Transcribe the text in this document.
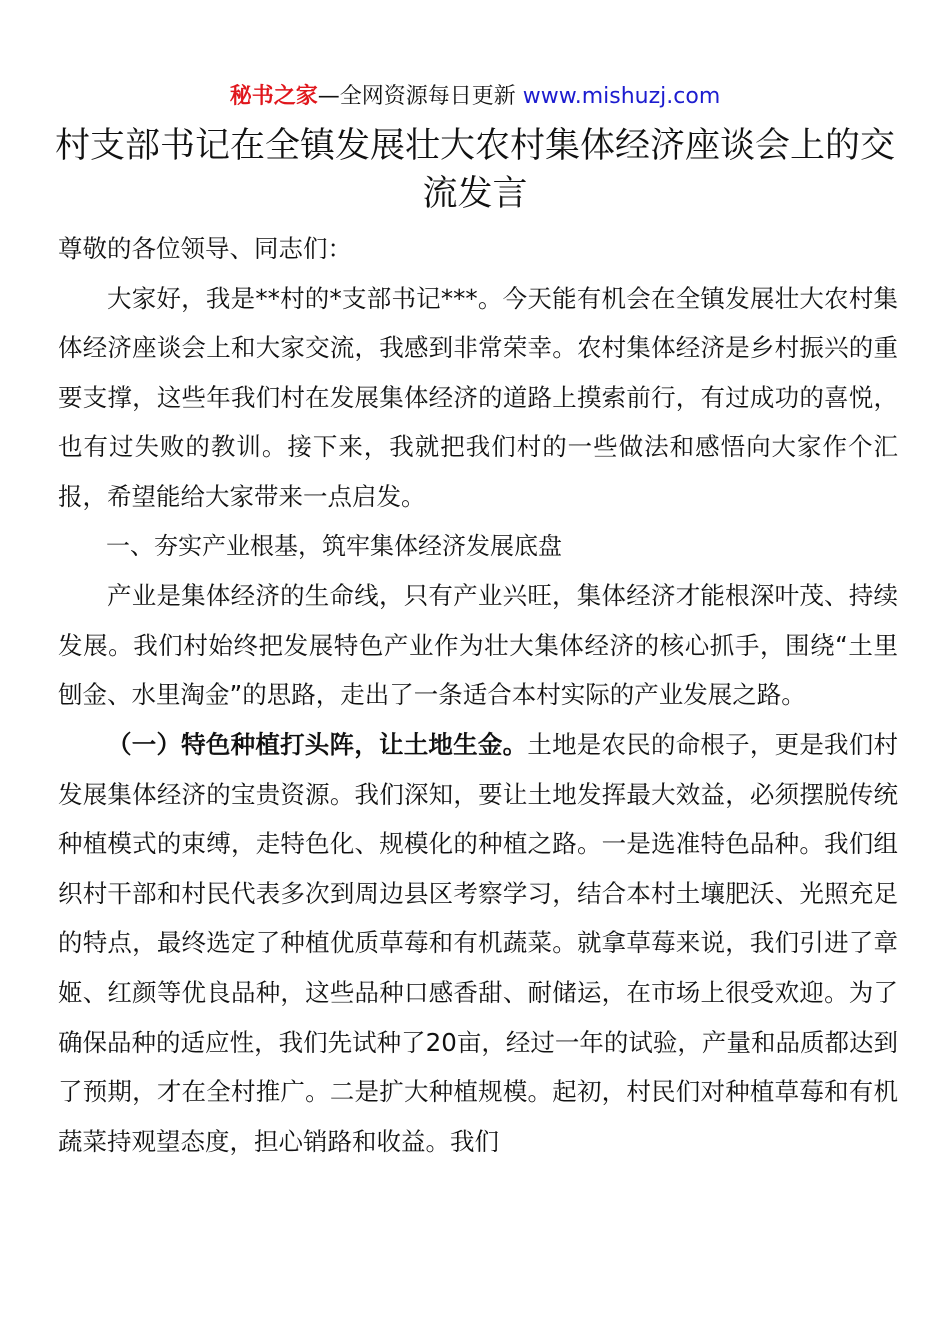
秘书之家—全网资源每日更新 www.mishuzj.com
村支部书记在全镇发展壮大农村集体经济座谈会上的交流发言

尊敬的各位领导、同志们：

大家好，我是**村的*支部书记***。今天能有机会在全镇发展壮大农村集体经济座谈会上和大家交流，我感到非常荣幸。农村集体经济是乡村振兴的重要支撑，这些年我们村在发展集体经济的道路上摸索前行，有过成功的喜悦，也有过失败的教训。接下来，我就把我们村的一些做法和感悟向大家作个汇报，希望能给大家带来一点启发。

一、夯实产业根基，筑牢集体经济发展底盘

产业是集体经济的生命线，只有产业兴旺，集体经济才能根深叶茂、持续发展。我们村始终把发展特色产业作为壮大集体经济的核心抓手，围绕“土里刨金、水里淘金”的思路，走出了一条适合本村实际的产业发展之路。

（一）特色种植打头阵，让土地生金。土地是农民的命根子，更是我们村发展集体经济的宝贵资源。我们深知，要让土地发挥最大效益，必须摆脱传统种植模式的束缚，走特色化、规模化的种植之路。一是选准特色品种。我们组织村干部和村民代表多次到周边县区考察学习，结合本村土壤肥沃、光照充足的特点，最终选定了种植优质草莓和有机蔬菜。就拿草莓来说，我们引进了章姬、红颜等优良品种，这些品种口感香甜、耐储运，在市场上很受欢迎。为了确保品种的适应性，我们先试种了20亩，经过一年的试验，产量和品质都达到了预期，才在全村推广。二是扩大种植规模。起初，村民们对种植草莓和有机蔬菜持观望态度，担心销路和收益。我们
